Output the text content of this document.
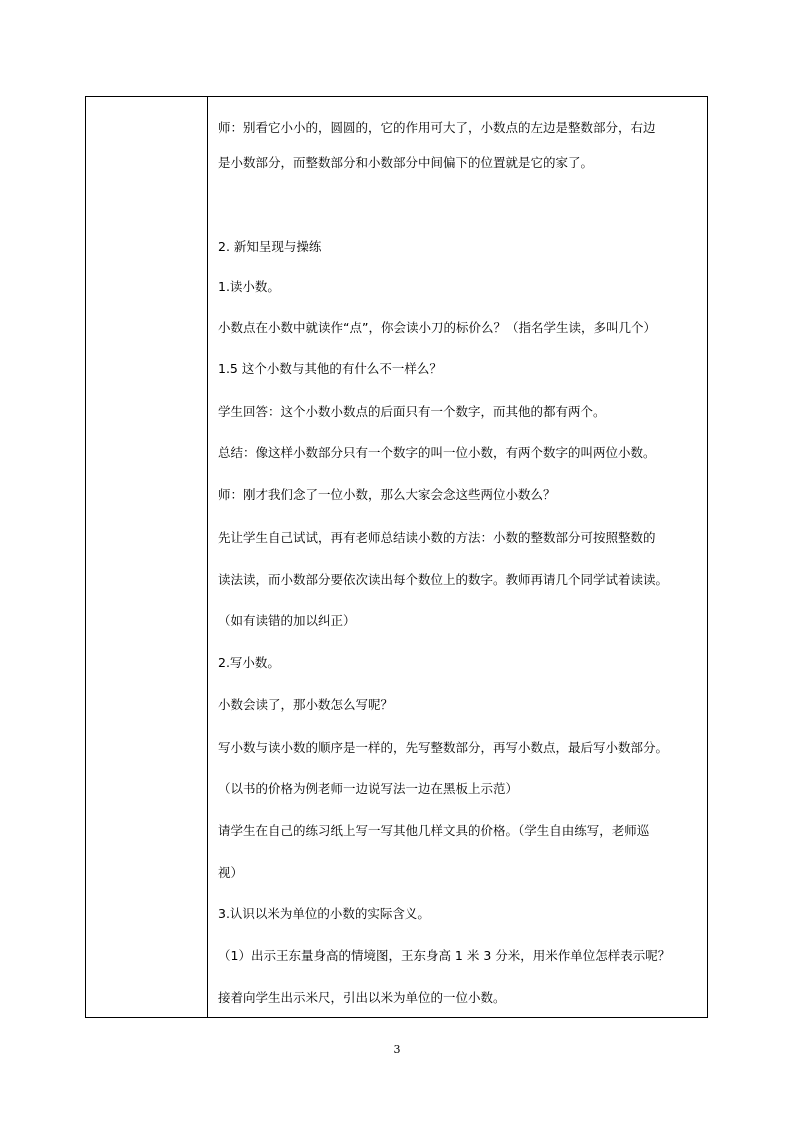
师：别看它小小的，圆圆的，它的作用可大了，小数点的左边是整数部分，右边
是小数部分，而整数部分和小数部分中间偏下的位置就是它的家了。
2. 新知呈现与操练
1.读小数。
小数点在小数中就读作“点”，你会读小刀的标价么？（指名学生读，多叫几个）
1.5 这个小数与其他的有什么不一样么？
学生回答：这个小数小数点的后面只有一个数字，而其他的都有两个。
总结：像这样小数部分只有一个数字的叫一位小数，有两个数字的叫两位小数。
师：刚才我们念了一位小数，那么大家会念这些两位小数么？
先让学生自己试试，再有老师总结读小数的方法：小数的整数部分可按照整数的
读法读，而小数部分要依次读出每个数位上的数字。教师再请几个同学试着读读。
（如有读错的加以纠正）
2.写小数。
小数会读了，那小数怎么写呢？
写小数与读小数的顺序是一样的，先写整数部分，再写小数点，最后写小数部分。
（以书的价格为例老师一边说写法一边在黑板上示范）
请学生在自己的练习纸上写一写其他几样文具的价格。（学生自由练写，老师巡
视）
3.认识以米为单位的小数的实际含义。
（1）出示王东量身高的情境图，王东身高 1 米 3 分米，用米作单位怎样表示呢？
接着向学生出示米尺，引出以米为单位的一位小数。
3
